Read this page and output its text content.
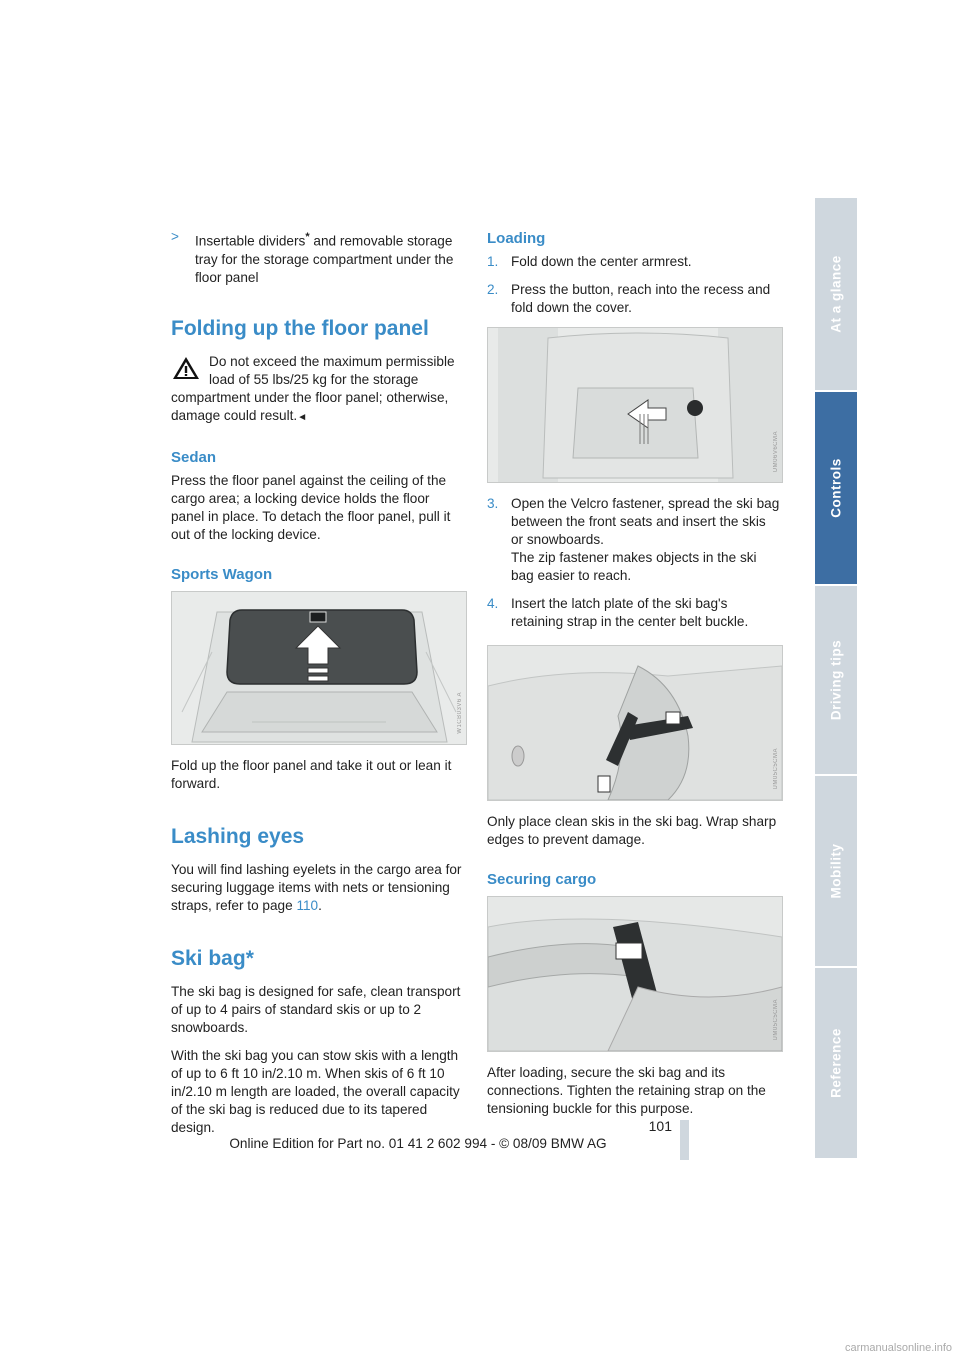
> Insertable dividers* and removable storage tray for the storage compartment under the floor panel

Folding up the floor panel

Do not exceed the maximum permissible load of 55 lbs/25 kg for the storage compartment under the floor panel; otherwise, damage could result.◄

Sedan

Press the floor panel against the ceiling of the cargo area; a locking device holds the floor panel in place. To detach the floor panel, pull it out of the locking device.

Sports Wagon
W1CB03V6 A

Fold up the floor panel and take it out or lean it forward.

Lashing eyes

You will find lashing eyelets in the cargo area for securing luggage items with nets or tensioning straps, refer to page 110.

Ski bag*

The ski bag is designed for safe, clean transport of up to 4 pairs of standard skis or up to 2 snowboards.

With the ski bag you can stow skis with a length of up to 6 ft 10 in/2.10 m. When skis of 6 ft 10 in/2.10 m length are loaded, the overall capacity of the ski bag is reduced due to its tapered design.

Loading

1. Fold down the center armrest.

2. Press the button, reach into the recess and fold down the cover.

UM06V6CMA

3. Open the Velcro fastener, spread the ski bag between the front seats and insert the skis or snowboards.
The zip fastener makes objects in the ski bag easier to reach.

4. Insert the latch plate of the ski bag's retaining strap in the center belt buckle.

UM05C5CMA

Only place clean skis in the ski bag. Wrap sharp edges to prevent damage.

Securing cargo
UM05C5CMA

After loading, secure the ski bag and its connections. Tighten the retaining strap on the tensioning buckle for this purpose.

At a glance
Controls
Driving tips
Mobility
Reference
101
Online Edition for Part no. 01 41 2 602 994 - © 08/09 BMW AG
carmanualsonline.info
